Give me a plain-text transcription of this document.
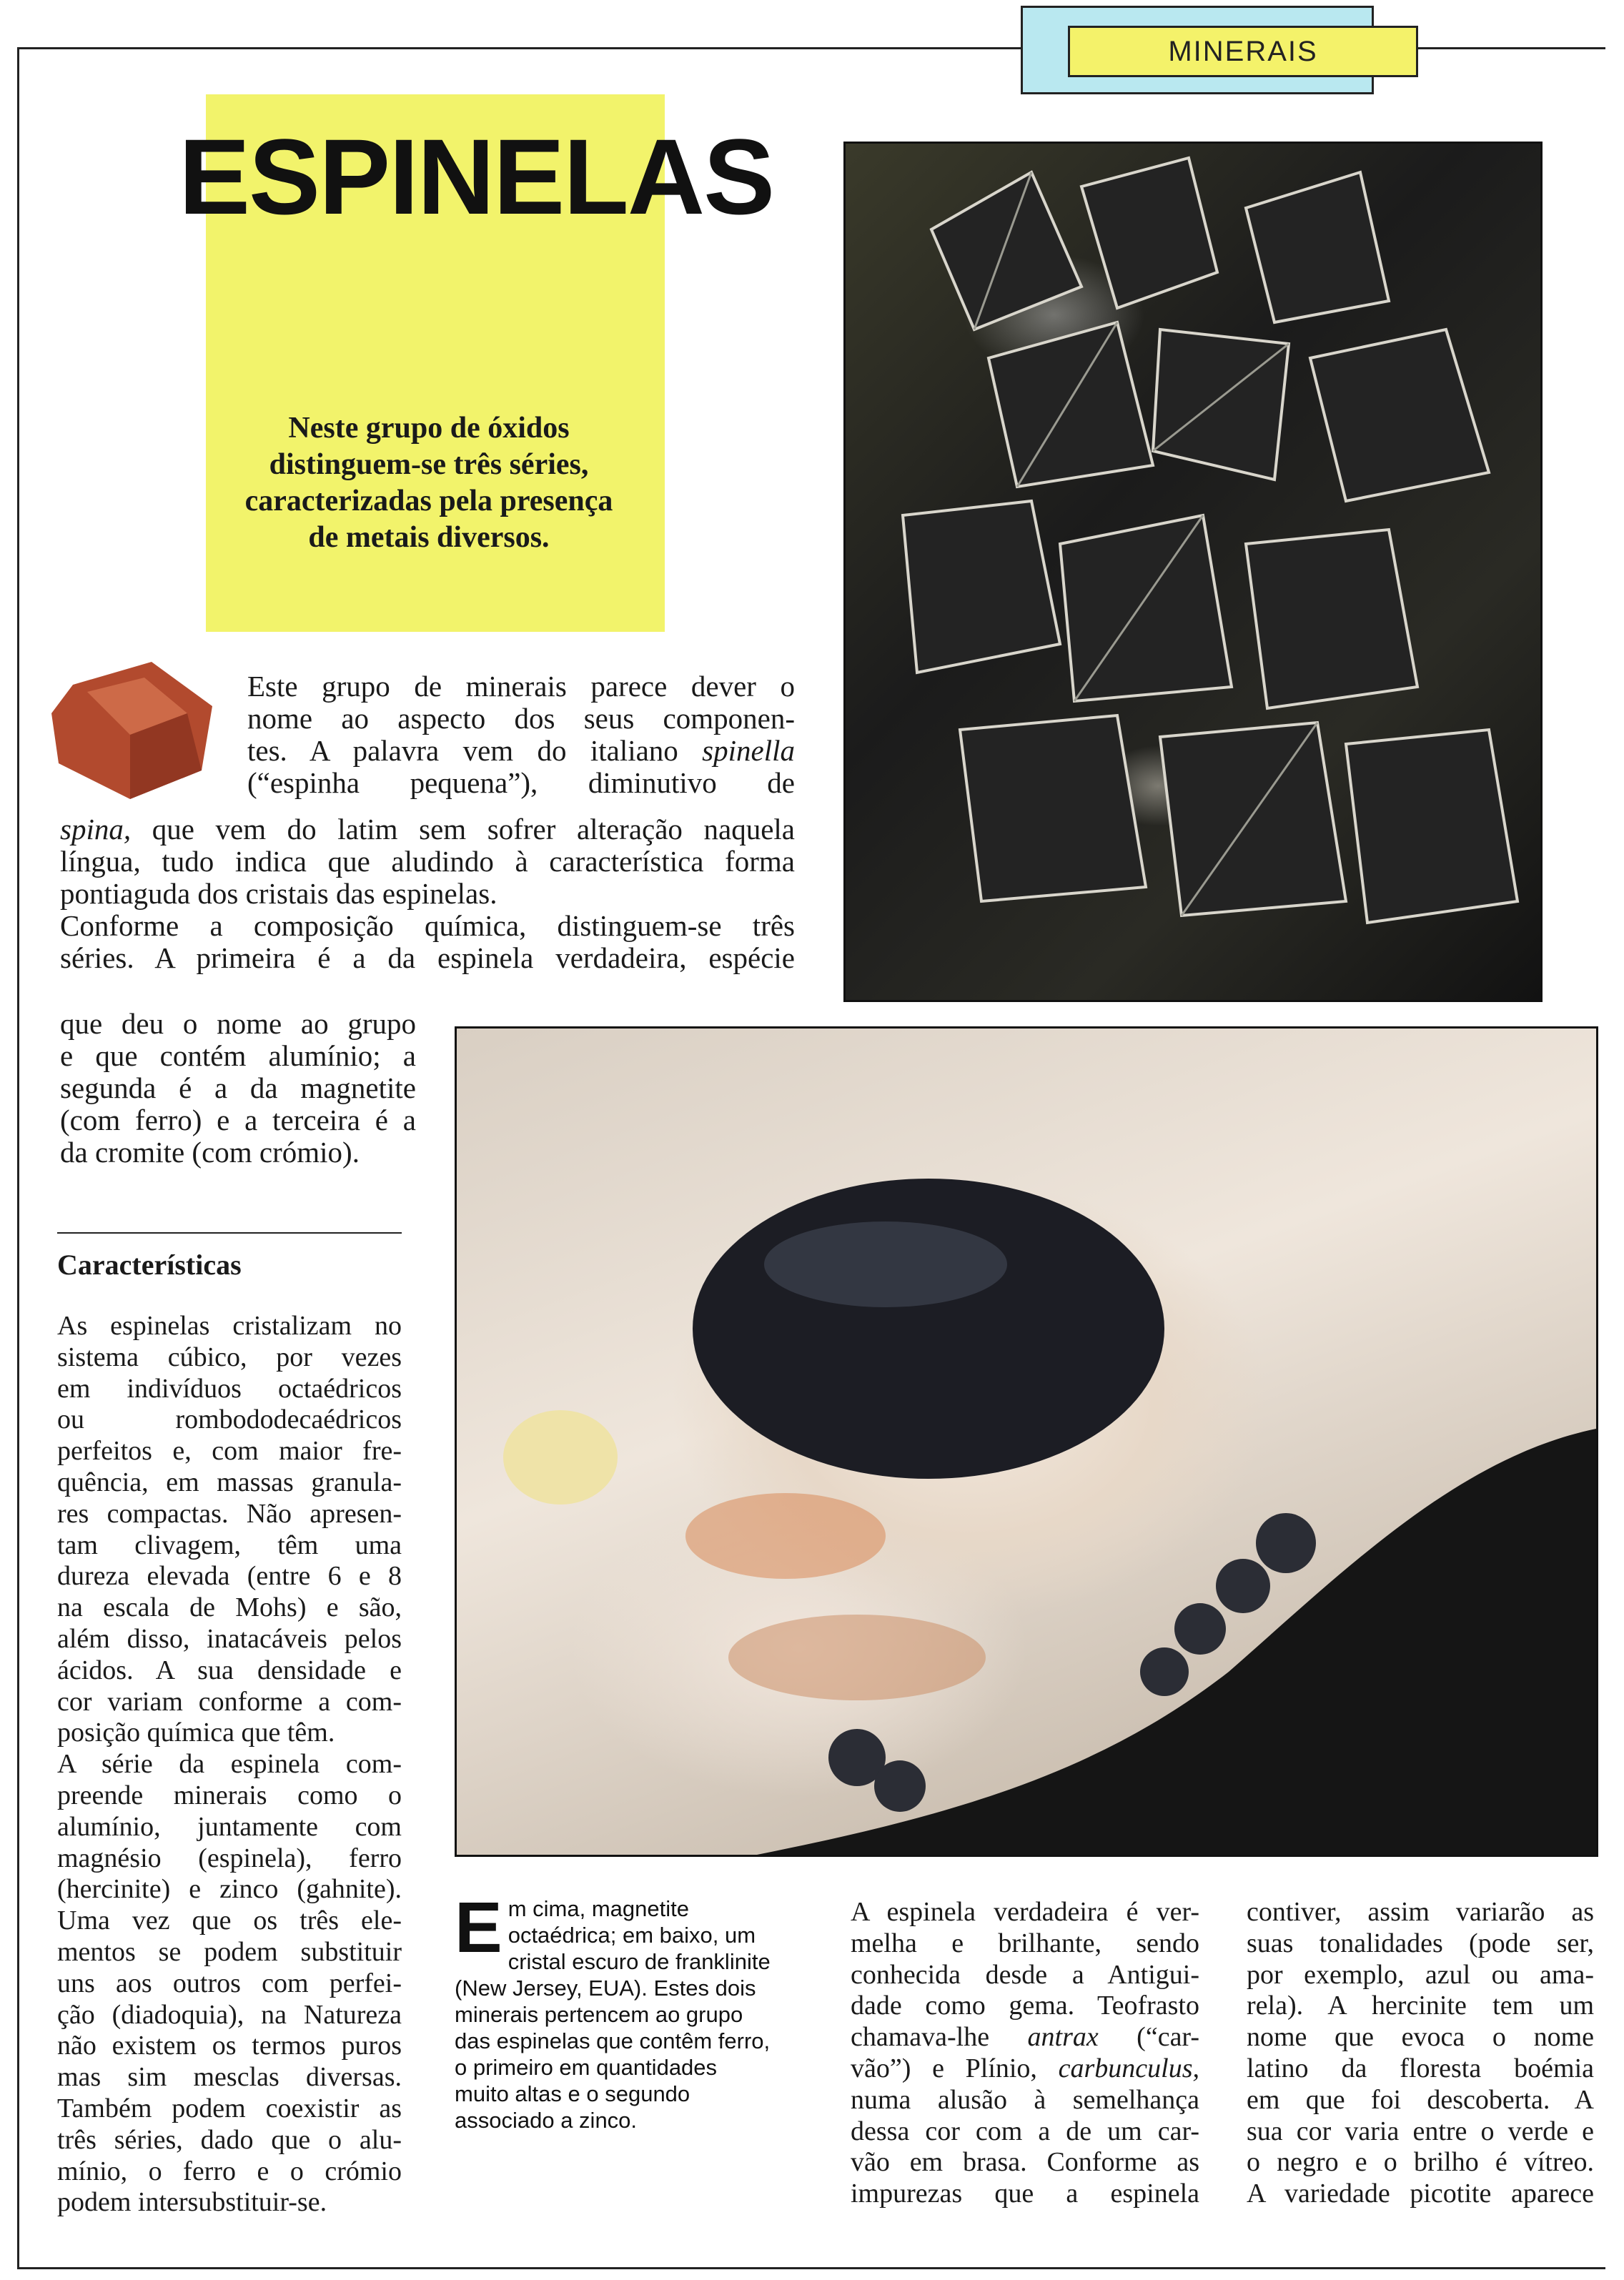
MINERAIS
ESPINELAS
Neste grupo de óxidos distinguem-se três séries, caracterizadas pela presença de metais diversos.
Este grupo de minerais parece dever o
nome ao aspecto dos seus componen-
tes. A palavra vem do italiano spinella
(“espinha pequena”), diminutivo de
spina, que vem do latim sem sofrer alteração naquela
língua, tudo indica que aludindo à característica forma
pontiaguda dos cristais das espinelas.
Conforme a composição química, distinguem-se três
séries. A primeira é a da espinela verdadeira, espécie
que deu o nome ao grupo
e que contém alumínio; a
segunda é a da magnetite
(com ferro) e a terceira é a
da cromite (com crómio).
Características
As espinelas cristalizam no
sistema cúbico, por vezes
em indivíduos octaédricos
ou rombododecaédricos
perfeitos e, com maior fre-
quência, em massas granula-
res compactas. Não apresen-
tam clivagem, têm uma
dureza elevada (entre 6 e 8
na escala de Mohs) e são,
além disso, inatacáveis pelos
ácidos. A sua densidade e
cor variam conforme a com-
posição química que têm.
A série da espinela com-
preende minerais como o
alumínio, juntamente com
magnésio (espinela), ferro
(hercinite) e zinco (gahnite).
Uma vez que os três ele-
mentos se podem substituir
uns aos outros com perfei-
ção (diadoquia), na Natureza
não existem os termos puros
mas sim mesclas diversas.
Também podem coexistir as
três séries, dado que o alu-
mínio, o ferro e o crómio
podem intersubstituir-se.
E m cima, magnetite
octaédrica; em baixo, um
cristal escuro de franklinite
(New Jersey, EUA). Estes dois
minerais pertencem ao grupo
das espinelas que contêm ferro,
o primeiro em quantidades
muito altas e o segundo
associado a zinco.
A espinela verdadeira é ver-
melha e brilhante, sendo
conhecida desde a Antigui-
dade como gema. Teofrasto
chamava-lhe antrax (“car-
vão”) e Plínio, carbunculus,
numa alusão à semelhança
dessa cor com a de um car-
vão em brasa. Conforme as
impurezas que a espinela
contiver, assim variarão as
suas tonalidades (pode ser,
por exemplo, azul ou ama-
rela). A hercinite tem um
nome que evoca o nome
latino da floresta boémia
em que foi descoberta. A
sua cor varia entre o verde e
o negro e o brilho é vítreo.
A variedade picotite aparece
